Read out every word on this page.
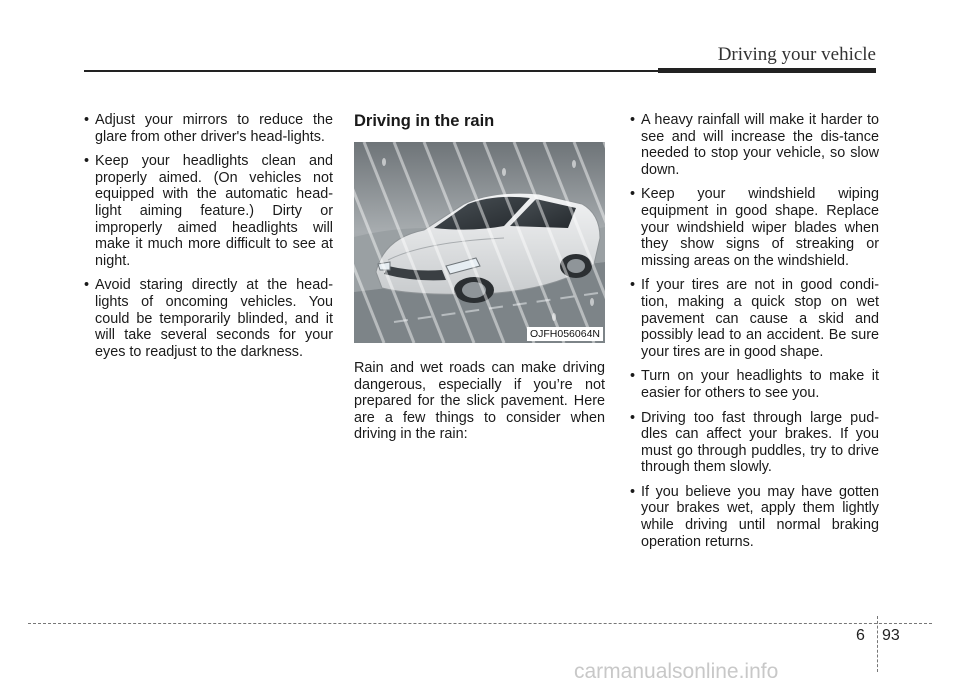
Driving your vehicle
• Adjust your mirrors to reduce the glare from other driver's head-lights.
• Keep your headlights clean and properly aimed. (On vehicles not equipped with the automatic head-light aiming feature.) Dirty or improperly aimed headlights will make it much more difficult to see at night.
• Avoid staring directly at the head-lights of oncoming vehicles. You could be temporarily blinded, and it will take several seconds for your eyes to readjust to the darkness.
Driving in the rain
OJFH056064N

Rain and wet roads can make driving dangerous, especially if you’re not prepared for the slick pavement. Here are a few things to consider when driving in the rain:

• A heavy rainfall will make it harder to see and will increase the dis-tance needed to stop your vehicle, so slow down.
• Keep your windshield wiping equipment in good shape. Replace your windshield wiper blades when they show signs of streaking or missing areas on the windshield.
• If your tires are not in good condi-tion, making a quick stop on wet pavement can cause a skid and possibly lead to an accident. Be sure your tires are in good shape.
• Turn on your headlights to make it easier for others to see you.
• Driving too fast through large pud-dles can affect your brakes. If you must go through puddles, try to drive through them slowly.
• If you believe you may have gotten your brakes wet, apply them lightly while driving until normal braking operation returns.
6 93
carmanualsonline.info
